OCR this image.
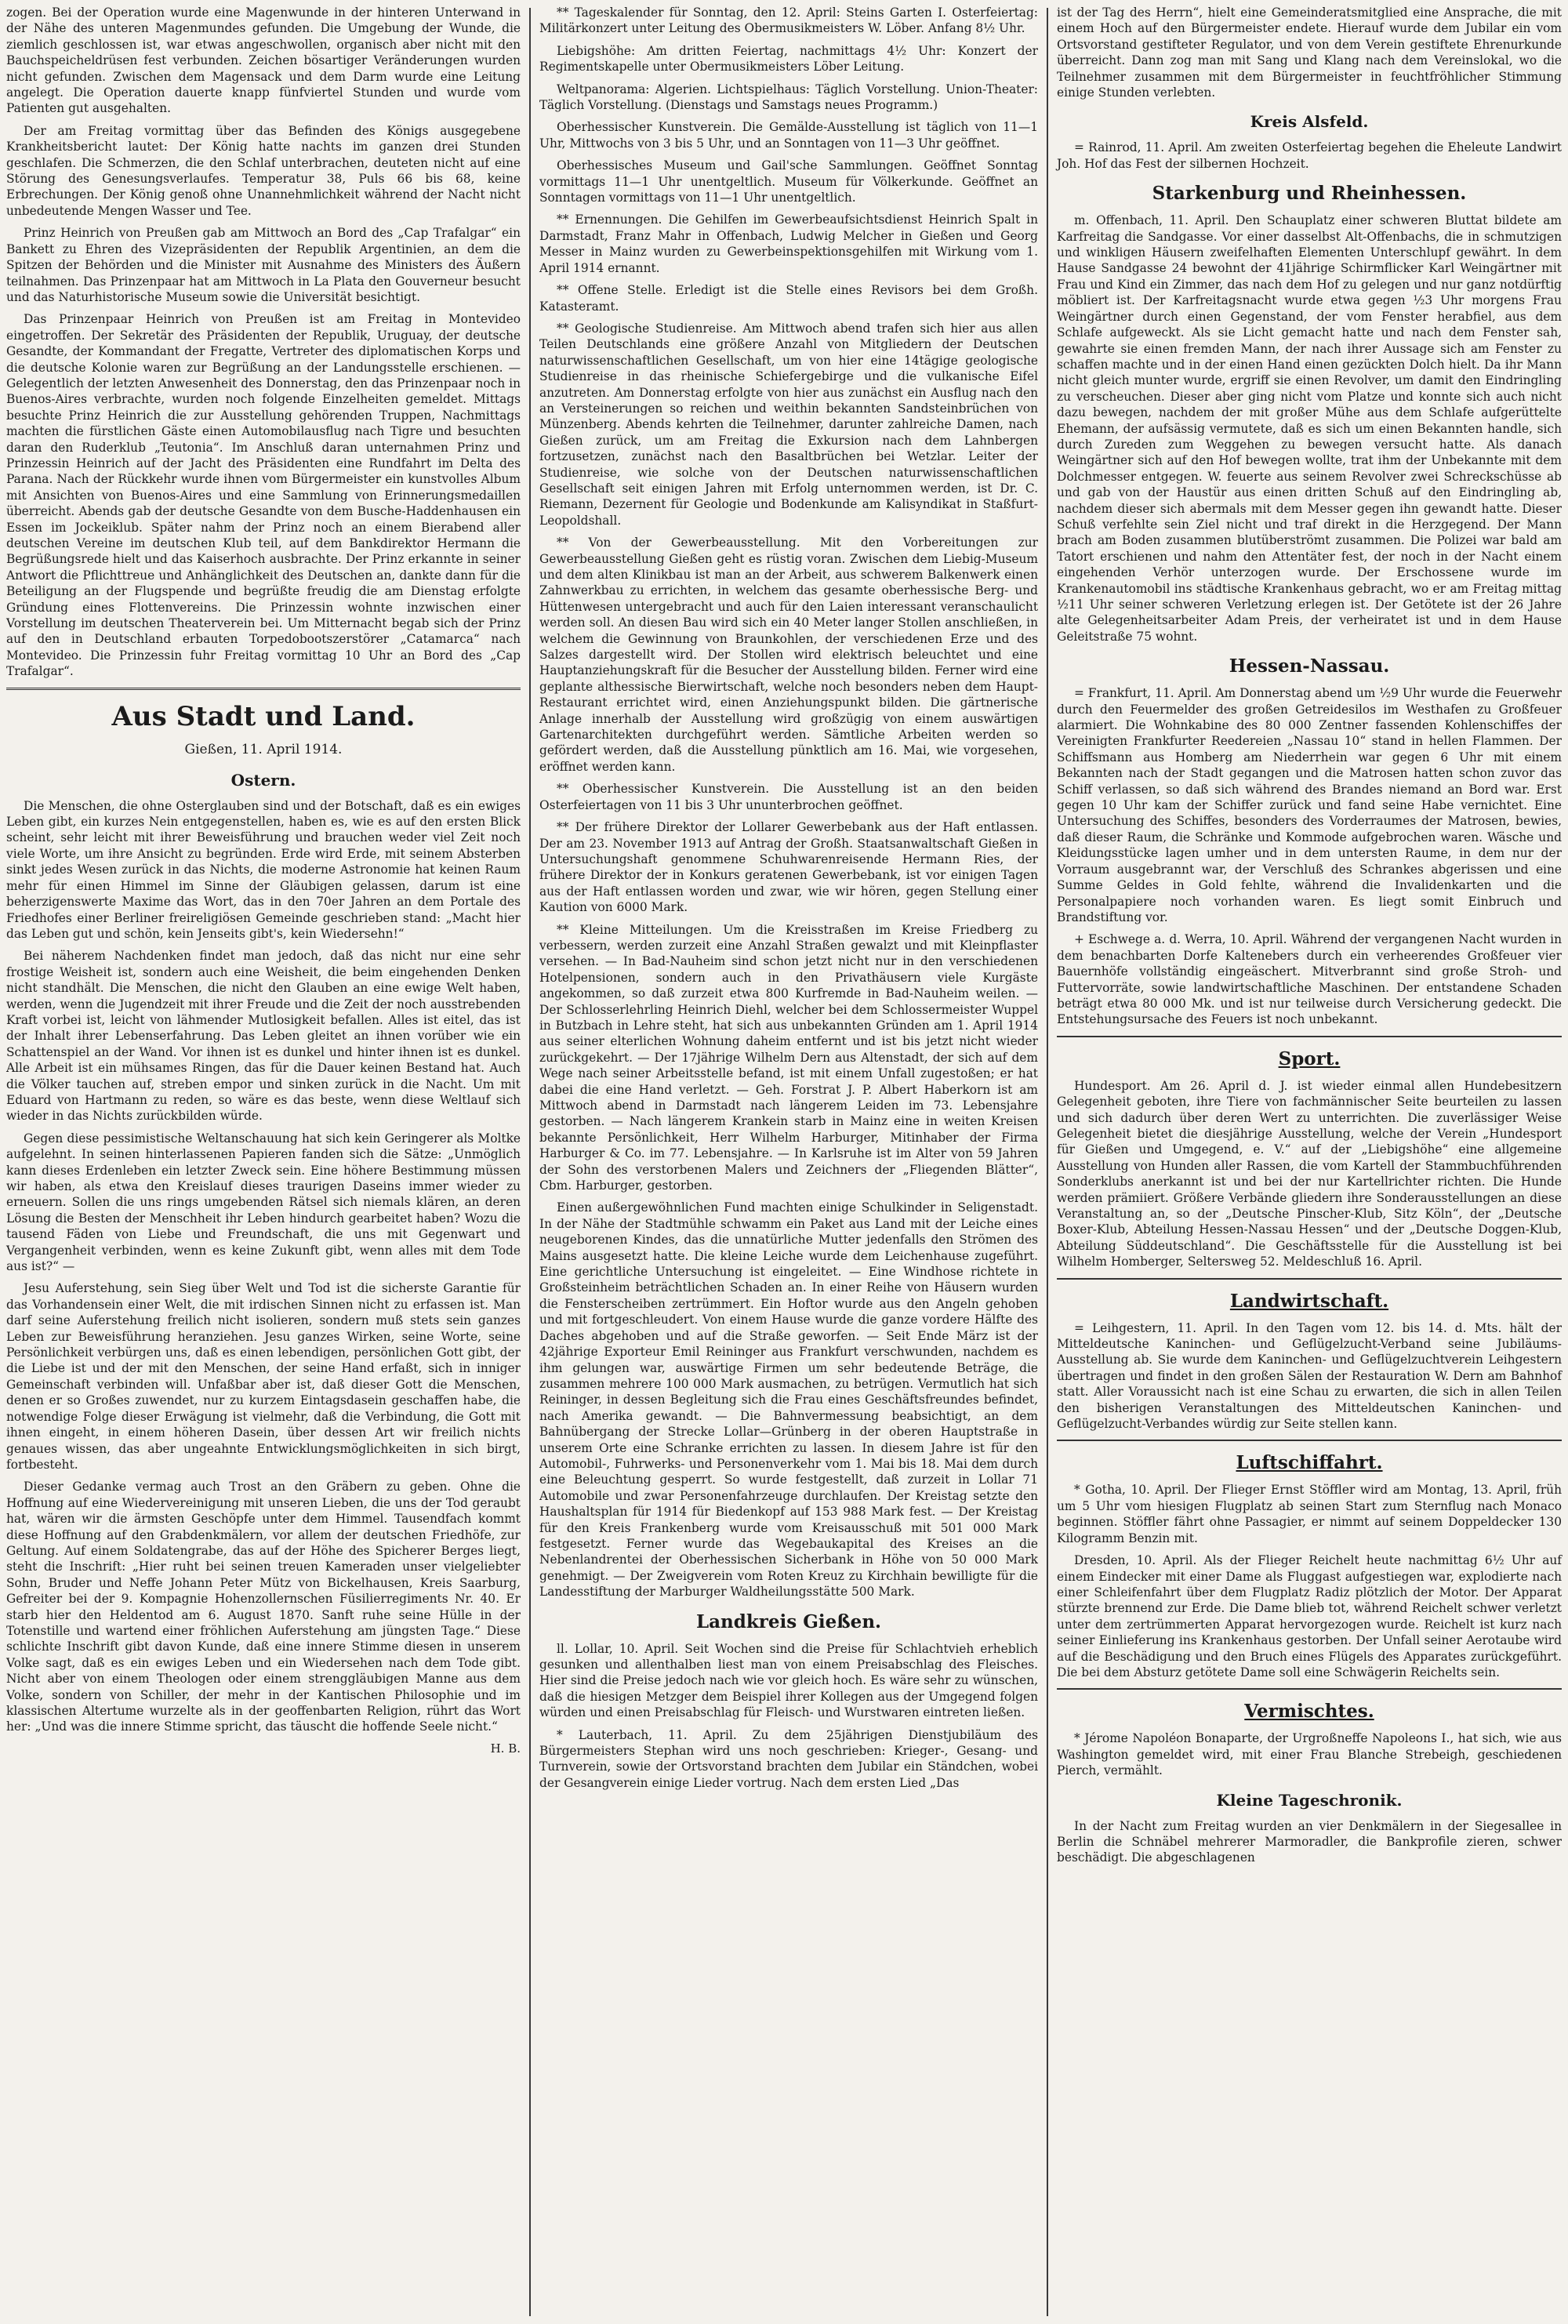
zogen. Bei der Operation wurde eine Magenwunde in der hinteren Unterwand in der Nähe des unteren Magenmundes gefunden. Die Umgebung der Wunde, die ziemlich geschlossen ist, war etwas angeschwollen, organisch aber nicht mit den Bauchspeicheldrüsen fest verbunden. Zeichen bösartiger Veränderungen wurden nicht gefunden. Zwischen dem Magensack und dem Darm wurde eine Leitung angelegt. Die Operation dauerte knapp fünfviertel Stunden und wurde vom Patienten gut ausgehalten.

Der am Freitag vormittag über das Befinden des Königs ausgegebene Krankheitsbericht lautet: Der König hatte nachts im ganzen drei Stunden geschlafen. Die Schmerzen, die den Schlaf unterbrachen, deuteten nicht auf eine Störung des Genesungsverlaufes. Temperatur 38, Puls 66 bis 68, keine Erbrechungen. Der König genoß ohne Unannehmlichkeit während der Nacht nicht unbedeutende Mengen Wasser und Tee.

Prinz Heinrich von Preußen gab am Mittwoch an Bord des „Cap Trafalgar“ ein Bankett zu Ehren des Vizepräsidenten der Republik Argentinien, an dem die Spitzen der Behörden und die Minister mit Ausnahme des Ministers des Äußern teilnahmen. Das Prinzenpaar hat am Mittwoch in La Plata den Gouverneur besucht und das Naturhistorische Museum sowie die Universität besichtigt.

Das Prinzenpaar Heinrich von Preußen ist am Freitag in Montevideo eingetroffen. Der Sekretär des Präsidenten der Republik, Uruguay, der deutsche Gesandte, der Kommandant der Fregatte, Vertreter des diplomatischen Korps und die deutsche Kolonie waren zur Begrüßung an der Landungsstelle erschienen. — Gelegentlich der letzten Anwesenheit des Donnerstag, den das Prinzenpaar noch in Buenos-Aires verbrachte, wurden noch folgende Einzelheiten gemeldet. Mittags besuchte Prinz Heinrich die zur Ausstellung gehörenden Truppen, Nachmittags machten die fürstlichen Gäste einen Automobilausflug nach Tigre und besuchten daran den Ruderklub „Teutonia“. Im Anschluß daran unternahmen Prinz und Prinzessin Heinrich auf der Jacht des Präsidenten eine Rundfahrt im Delta des Parana. Nach der Rückkehr wurde ihnen vom Bürgermeister ein kunstvolles Album mit Ansichten von Buenos-Aires und eine Sammlung von Erinnerungsmedaillen überreicht. Abends gab der deutsche Gesandte von dem Busche-Haddenhausen ein Essen im Jockeiklub. Später nahm der Prinz noch an einem Bierabend aller deutschen Vereine im deutschen Klub teil, auf dem Bankdirektor Hermann die Begrüßungsrede hielt und das Kaiserhoch ausbrachte. Der Prinz erkannte in seiner Antwort die Pflichttreue und Anhänglichkeit des Deutschen an, dankte dann für die Beteiligung an der Flugspende und begrüßte freudig die am Dienstag erfolgte Gründung eines Flottenvereins. Die Prinzessin wohnte inzwischen einer Vorstellung im deutschen Theaterverein bei. Um Mitternacht begab sich der Prinz auf den in Deutschland erbauten Torpedobootszerstörer „Catamarca“ nach Montevideo. Die Prinzessin fuhr Freitag vormittag 10 Uhr an Bord des „Cap Trafalgar“.

Aus Stadt und Land.
Gießen, 11. April 1914.
Ostern.

Die Menschen, die ohne Osterglauben sind und der Botschaft, daß es ein ewiges Leben gibt, ein kurzes Nein entgegenstellen, haben es, wie es auf den ersten Blick scheint, sehr leicht mit ihrer Beweisführung und brauchen weder viel Zeit noch viele Worte, um ihre Ansicht zu begründen. Erde wird Erde, mit seinem Absterben sinkt jedes Wesen zurück in das Nichts, die moderne Astronomie hat keinen Raum mehr für einen Himmel im Sinne der Gläubigen gelassen, darum ist eine beherzigenswerte Maxime das Wort, das in den 70er Jahren an dem Portale des Friedhofes einer Berliner freireligiösen Gemeinde geschrieben stand: „Macht hier das Leben gut und schön, kein Jenseits gibt's, kein Wiedersehn!“

Bei näherem Nachdenken findet man jedoch, daß das nicht nur eine sehr frostige Weisheit ist, sondern auch eine Weisheit, die beim eingehenden Denken nicht standhält. Die Menschen, die nicht den Glauben an eine ewige Welt haben, werden, wenn die Jugendzeit mit ihrer Freude und die Zeit der noch ausstrebenden Kraft vorbei ist, leicht von lähmender Mutlosigkeit befallen. Alles ist eitel, das ist der Inhalt ihrer Lebenserfahrung. Das Leben gleitet an ihnen vorüber wie ein Schattenspiel an der Wand. Vor ihnen ist es dunkel und hinter ihnen ist es dunkel. Alle Arbeit ist ein mühsames Ringen, das für die Dauer keinen Bestand hat. Auch die Völker tauchen auf, streben empor und sinken zurück in die Nacht. Um mit Eduard von Hartmann zu reden, so wäre es das beste, wenn diese Weltlauf sich wieder in das Nichts zurückbilden würde.

Gegen diese pessimistische Weltanschauung hat sich kein Geringerer als Moltke aufgelehnt. In seinen hinterlassenen Papieren fanden sich die Sätze: „Unmöglich kann dieses Erdenleben ein letzter Zweck sein. Eine höhere Bestimmung müssen wir haben, als etwa den Kreislauf dieses traurigen Daseins immer wieder zu erneuern. Sollen die uns rings umgebenden Rätsel sich niemals klären, an deren Lösung die Besten der Menschheit ihr Leben hindurch gearbeitet haben? Wozu die tausend Fäden von Liebe und Freundschaft, die uns mit Gegenwart und Vergangenheit verbinden, wenn es keine Zukunft gibt, wenn alles mit dem Tode aus ist?“ —

Jesu Auferstehung, sein Sieg über Welt und Tod ist die sicherste Garantie für das Vorhandensein einer Welt, die mit irdischen Sinnen nicht zu erfassen ist. Man darf seine Auferstehung freilich nicht isolieren, sondern muß stets sein ganzes Leben zur Beweisführung heranziehen. Jesu ganzes Wirken, seine Worte, seine Persönlichkeit verbürgen uns, daß es einen lebendigen, persönlichen Gott gibt, der die Liebe ist und der mit den Menschen, der seine Hand erfaßt, sich in inniger Gemeinschaft verbinden will. Unfaßbar aber ist, daß dieser Gott die Menschen, denen er so Großes zuwendet, nur zu kurzem Eintagsdasein geschaffen habe, die notwendige Folge dieser Erwägung ist vielmehr, daß die Verbindung, die Gott mit ihnen eingeht, in einem höheren Dasein, über dessen Art wir freilich nichts genaues wissen, das aber ungeahnte Entwicklungsmöglichkeiten in sich birgt, fortbesteht.

Dieser Gedanke vermag auch Trost an den Gräbern zu geben. Ohne die Hoffnung auf eine Wiedervereinigung mit unseren Lieben, die uns der Tod geraubt hat, wären wir die ärmsten Geschöpfe unter dem Himmel. Tausendfach kommt diese Hoffnung auf den Grabdenkmälern, vor allem der deutschen Friedhöfe, zur Geltung. Auf einem Soldatengrabe, das auf der Höhe des Spicherer Berges liegt, steht die Inschrift: „Hier ruht bei seinen treuen Kameraden unser vielgeliebter Sohn, Bruder und Neffe Johann Peter Mütz von Bickelhausen, Kreis Saarburg, Gefreiter bei der 9. Kompagnie Hohenzollernschen Füsilierregiments Nr. 40. Er starb hier den Heldentod am 6. August 1870. Sanft ruhe seine Hülle in der Totenstille und wartend einer fröhlichen Auferstehung am jüngsten Tage.“ Diese schlichte Inschrift gibt davon Kunde, daß eine innere Stimme diesen in unserem Volke sagt, daß es ein ewiges Leben und ein Wiedersehen nach dem Tode gibt. Nicht aber von einem Theologen oder einem strenggläubigen Manne aus dem Volke, sondern von Schiller, der mehr in der Kantischen Philosophie und im klassischen Altertume wurzelte als in der geoffenbarten Religion, rührt das Wort her: „Und was die innere Stimme spricht, das täuscht die hoffende Seele nicht.“

H. B.

** Tageskalender für Sonntag, den 12. April: Steins Garten I. Osterfeiertag: Militärkonzert unter Leitung des Obermusikmeisters W. Löber. Anfang 8½ Uhr.

Liebigshöhe: Am dritten Feiertag, nachmittags 4½ Uhr: Konzert der Regimentskapelle unter Obermusikmeisters Löber Leitung.

Weltpanorama: Algerien. Lichtspielhaus: Täglich Vorstellung. Union-Theater: Täglich Vorstellung. (Dienstags und Samstags neues Programm.)

Oberhessischer Kunstverein. Die Gemälde-Ausstellung ist täglich von 11—1 Uhr, Mittwochs von 3 bis 5 Uhr, und an Sonntagen von 11—3 Uhr geöffnet.

Oberhessisches Museum und Gail'sche Sammlungen. Geöffnet Sonntag vormittags 11—1 Uhr unentgeltlich. Museum für Völkerkunde. Geöffnet an Sonntagen vormittags von 11—1 Uhr unentgeltlich.

** Ernennungen. Die Gehilfen im Gewerbeaufsichtsdienst Heinrich Spalt in Darmstadt, Franz Mahr in Offenbach, Ludwig Melcher in Gießen und Georg Messer in Mainz wurden zu Gewerbeinspektionsgehilfen mit Wirkung vom 1. April 1914 ernannt.

** Offene Stelle. Erledigt ist die Stelle eines Revisors bei dem Großh. Katasteramt.

** Geologische Studienreise. Am Mittwoch abend trafen sich hier aus allen Teilen Deutschlands eine größere Anzahl von Mitgliedern der Deutschen naturwissenschaftlichen Gesellschaft, um von hier eine 14tägige geologische Studienreise in das rheinische Schiefergebirge und die vulkanische Eifel anzutreten. Am Donnerstag erfolgte von hier aus zunächst ein Ausflug nach den an Versteinerungen so reichen und weithin bekannten Sandsteinbrüchen von Münzenberg. Abends kehrten die Teilnehmer, darunter zahlreiche Damen, nach Gießen zurück, um am Freitag die Exkursion nach dem Lahnbergen fortzusetzen, zunächst nach den Basaltbrüchen bei Wetzlar. Leiter der Studienreise, wie solche von der Deutschen naturwissenschaftlichen Gesellschaft seit einigen Jahren mit Erfolg unternommen werden, ist Dr. C. Riemann, Dezernent für Geologie und Bodenkunde am Kalisyndikat in Staßfurt-Leopoldshall.

** Von der Gewerbeausstellung. Mit den Vorbereitungen zur Gewerbeausstellung Gießen geht es rüstig voran. Zwischen dem Liebig-Museum und dem alten Klinikbau ist man an der Arbeit, aus schwerem Balkenwerk einen Zahnwerkbau zu errichten, in welchem das gesamte oberhessische Berg- und Hüttenwesen untergebracht und auch für den Laien interessant veranschaulicht werden soll. An diesen Bau wird sich ein 40 Meter langer Stollen anschließen, in welchem die Gewinnung von Braunkohlen, der verschiedenen Erze und des Salzes dargestellt wird. Der Stollen wird elektrisch beleuchtet und eine Hauptanziehungskraft für die Besucher der Ausstellung bilden. Ferner wird eine geplante althessische Bierwirtschaft, welche noch besonders neben dem Haupt-Restaurant errichtet wird, einen Anziehungspunkt bilden. Die gärtnerische Anlage innerhalb der Ausstellung wird großzügig von einem auswärtigen Gartenarchitekten durchgeführt werden. Sämtliche Arbeiten werden so gefördert werden, daß die Ausstellung pünktlich am 16. Mai, wie vorgesehen, eröffnet werden kann.

** Oberhessischer Kunstverein. Die Ausstellung ist an den beiden Osterfeiertagen von 11 bis 3 Uhr ununterbrochen geöffnet.

** Der frühere Direktor der Lollarer Gewerbebank aus der Haft entlassen. Der am 23. November 1913 auf Antrag der Großh. Staatsanwaltschaft Gießen in Untersuchungshaft genommene Schuhwarenreisende Hermann Ries, der frühere Direktor der in Konkurs geratenen Gewerbebank, ist vor einigen Tagen aus der Haft entlassen worden und zwar, wie wir hören, gegen Stellung einer Kaution von 6000 Mark.

** Kleine Mitteilungen. Um die Kreisstraßen im Kreise Friedberg zu verbessern, werden zurzeit eine Anzahl Straßen gewalzt und mit Kleinpflaster versehen. — In Bad-Nauheim sind schon jetzt nicht nur in den verschiedenen Hotelpensionen, sondern auch in den Privathäusern viele Kurgäste angekommen, so daß zurzeit etwa 800 Kurfremde in Bad-Nauheim weilen. — Der Schlosserlehrling Heinrich Diehl, welcher bei dem Schlossermeister Wuppel in Butzbach in Lehre steht, hat sich aus unbekannten Gründen am 1. April 1914 aus seiner elterlichen Wohnung daheim entfernt und ist bis jetzt nicht wieder zurückgekehrt. — Der 17jährige Wilhelm Dern aus Altenstadt, der sich auf dem Wege nach seiner Arbeitsstelle befand, ist mit einem Unfall zugestoßen; er hat dabei die eine Hand verletzt. — Geh. Forstrat J. P. Albert Haberkorn ist am Mittwoch abend in Darmstadt nach längerem Leiden im 73. Lebensjahre gestorben. — Nach längerem Krankein starb in Mainz eine in weiten Kreisen bekannte Persönlichkeit, Herr Wilhelm Harburger, Mitinhaber der Firma Harburger & Co. im 77. Lebensjahre. — In Karlsruhe ist im Alter von 59 Jahren der Sohn des verstorbenen Malers und Zeichners der „Fliegenden Blätter“, Cbm. Harburger, gestorben.

Einen außergewöhnlichen Fund machten einige Schulkinder in Seligenstadt. In der Nähe der Stadtmühle schwamm ein Paket aus Land mit der Leiche eines neugeborenen Kindes, das die unnatürliche Mutter jedenfalls den Strömen des Mains ausgesetzt hatte. Die kleine Leiche wurde dem Leichenhause zugeführt. Eine gerichtliche Untersuchung ist eingeleitet. — Eine Windhose richtete in Großsteinheim beträchtlichen Schaden an. In einer Reihe von Häusern wurden die Fensterscheiben zertrümmert. Ein Hoftor wurde aus den Angeln gehoben und mit fortgeschleudert. Von einem Hause wurde die ganze vordere Hälfte des Daches abgehoben und auf die Straße geworfen. — Seit Ende März ist der 42jährige Exporteur Emil Reininger aus Frankfurt verschwunden, nachdem es ihm gelungen war, auswärtige Firmen um sehr bedeutende Beträge, die zusammen mehrere 100 000 Mark ausmachen, zu betrügen. Vermutlich hat sich Reininger, in dessen Begleitung sich die Frau eines Geschäftsfreundes befindet, nach Amerika gewandt. — Die Bahnvermessung beabsichtigt, an dem Bahnübergang der Strecke Lollar—Grünberg in der oberen Hauptstraße in unserem Orte eine Schranke errichten zu lassen. In diesem Jahre ist für den Automobil-, Fuhrwerks- und Personenverkehr vom 1. Mai bis 18. Mai dem durch eine Beleuchtung gesperrt. So wurde festgestellt, daß zurzeit in Lollar 71 Automobile und zwar Personenfahrzeuge durchlaufen. Der Kreistag setzte den Haushaltsplan für 1914 für Biedenkopf auf 153 988 Mark fest. — Der Kreistag für den Kreis Frankenberg wurde vom Kreisausschuß mit 501 000 Mark festgesetzt. Ferner wurde das Wegebaukapital des Kreises an die Nebenlandrentei der Oberhessischen Sicherbank in Höhe von 50 000 Mark genehmigt. — Der Zweigverein vom Roten Kreuz zu Kirchhain bewilligte für die Landesstiftung der Marburger Waldheilungsstätte 500 Mark.

Landkreis Gießen.

ll. Lollar, 10. April. Seit Wochen sind die Preise für Schlachtvieh erheblich gesunken und allenthalben liest man von einem Preisabschlag des Fleisches. Hier sind die Preise jedoch nach wie vor gleich hoch. Es wäre sehr zu wünschen, daß die hiesigen Metzger dem Beispiel ihrer Kollegen aus der Umgegend folgen würden und einen Preisabschlag für Fleisch- und Wurstwaren eintreten ließen.

* Lauterbach, 11. April. Zu dem 25jährigen Dienstjubiläum des Bürgermeisters Stephan wird uns noch geschrieben: Krieger-, Gesang- und Turnverein, sowie der Ortsvorstand brachten dem Jubilar ein Ständchen, wobei der Gesangverein einige Lieder vortrug. Nach dem ersten Lied „Das

ist der Tag des Herrn“, hielt eine Gemeinderatsmitglied eine Ansprache, die mit einem Hoch auf den Bürgermeister endete. Hierauf wurde dem Jubilar ein vom Ortsvorstand gestifteter Regulator, und von dem Verein gestiftete Ehrenurkunde überreicht. Dann zog man mit Sang und Klang nach dem Vereinslokal, wo die Teilnehmer zusammen mit dem Bürgermeister in feuchtfröhlicher Stimmung einige Stunden verlebten.

Kreis Alsfeld.

= Rainrod, 11. April. Am zweiten Osterfeiertag begehen die Eheleute Landwirt Joh. Hof das Fest der silbernen Hochzeit.

Starkenburg und Rheinhessen.

m. Offenbach, 11. April. Den Schauplatz einer schweren Bluttat bildete am Karfreitag die Sandgasse. Vor einer dasselbst Alt-Offenbachs, die in schmutzigen und winkligen Häusern zweifelhaften Elementen Unterschlupf gewährt. In dem Hause Sandgasse 24 bewohnt der 41jährige Schirmflicker Karl Weingärtner mit Frau und Kind ein Zimmer, das nach dem Hof zu gelegen und nur ganz notdürftig möbliert ist. Der Karfreitagsnacht wurde etwa gegen ½3 Uhr morgens Frau Weingärtner durch einen Gegenstand, der vom Fenster herabfiel, aus dem Schlafe aufgeweckt. Als sie Licht gemacht hatte und nach dem Fenster sah, gewahrte sie einen fremden Mann, der nach ihrer Aussage sich am Fenster zu schaffen machte und in der einen Hand einen gezückten Dolch hielt. Da ihr Mann nicht gleich munter wurde, ergriff sie einen Revolver, um damit den Eindringling zu verscheuchen. Dieser aber ging nicht vom Platze und konnte sich auch nicht dazu bewegen, nachdem der mit großer Mühe aus dem Schlafe aufgerüttelte Ehemann, der aufsässig vermutete, daß es sich um einen Bekannten handle, sich durch Zureden zum Weggehen zu bewegen versucht hatte. Als danach Weingärtner sich auf den Hof bewegen wollte, trat ihm der Unbekannte mit dem Dolchmesser entgegen. W. feuerte aus seinem Revolver zwei Schreckschüsse ab und gab von der Haustür aus einen dritten Schuß auf den Eindringling ab, nachdem dieser sich abermals mit dem Messer gegen ihn gewandt hatte. Dieser Schuß verfehlte sein Ziel nicht und traf direkt in die Herzgegend. Der Mann brach am Boden zusammen blutüberströmt zusammen. Die Polizei war bald am Tatort erschienen und nahm den Attentäter fest, der noch in der Nacht einem eingehenden Verhör unterzogen wurde. Der Erschossene wurde im Krankenautomobil ins städtische Krankenhaus gebracht, wo er am Freitag mittag ½11 Uhr seiner schweren Verletzung erlegen ist. Der Getötete ist der 26 Jahre alte Gelegenheitsarbeiter Adam Preis, der verheiratet ist und in dem Hause Geleitstraße 75 wohnt.

Hessen-Nassau.

= Frankfurt, 11. April. Am Donnerstag abend um ½9 Uhr wurde die Feuerwehr durch den Feuermelder des großen Getreidesilos im Westhafen zu Großfeuer alarmiert. Die Wohnkabine des 80 000 Zentner fassenden Kohlenschiffes der Vereinigten Frankfurter Reedereien „Nassau 10“ stand in hellen Flammen. Der Schiffsmann aus Homberg am Niederrhein war gegen 6 Uhr mit einem Bekannten nach der Stadt gegangen und die Matrosen hatten schon zuvor das Schiff verlassen, so daß sich während des Brandes niemand an Bord war. Erst gegen 10 Uhr kam der Schiffer zurück und fand seine Habe vernichtet. Eine Untersuchung des Schiffes, besonders des Vorderraumes der Matrosen, bewies, daß dieser Raum, die Schränke und Kommode aufgebrochen waren. Wäsche und Kleidungsstücke lagen umher und in dem untersten Raume, in dem nur der Vorraum ausgebrannt war, der Verschluß des Schrankes abgerissen und eine Summe Geldes in Gold fehlte, während die Invalidenkarten und die Personalpapiere noch vorhanden waren. Es liegt somit Einbruch und Brandstiftung vor.

+ Eschwege a. d. Werra, 10. April. Während der vergangenen Nacht wurden in dem benachbarten Dorfe Kaltenebers durch ein verheerendes Großfeuer vier Bauernhöfe vollständig eingeäschert. Mitverbrannt sind große Stroh- und Futtervorräte, sowie landwirtschaftliche Maschinen. Der entstandene Schaden beträgt etwa 80 000 Mk. und ist nur teilweise durch Versicherung gedeckt. Die Entstehungsursache des Feuers ist noch unbekannt.

Sport.

Hundesport. Am 26. April d. J. ist wieder einmal allen Hundebesitzern Gelegenheit geboten, ihre Tiere von fachmännischer Seite beurteilen zu lassen und sich dadurch über deren Wert zu unterrichten. Die zuverlässiger Weise Gelegenheit bietet die diesjährige Ausstellung, welche der Verein „Hundesport für Gießen und Umgegend, e. V.“ auf der „Liebigshöhe“ eine allgemeine Ausstellung von Hunden aller Rassen, die vom Kartell der Stammbuchführenden Sonderklubs anerkannt ist und bei der nur Kartellrichter richten. Die Hunde werden prämiiert. Größere Verbände gliedern ihre Sonderausstellungen an diese Veranstaltung an, so der „Deutsche Pinscher-Klub, Sitz Köln“, der „Deutsche Boxer-Klub, Abteilung Hessen-Nassau Hessen“ und der „Deutsche Doggen-Klub, Abteilung Süddeutschland“. Die Geschäftsstelle für die Ausstellung ist bei Wilhelm Homberger, Seltersweg 52. Meldeschluß 16. April.

Landwirtschaft.

= Leihgestern, 11. April. In den Tagen vom 12. bis 14. d. Mts. hält der Mitteldeutsche Kaninchen- und Geflügelzucht-Verband seine Jubiläums-Ausstellung ab. Sie wurde dem Kaninchen- und Geflügelzuchtverein Leihgestern übertragen und findet in den großen Sälen der Restauration W. Dern am Bahnhof statt. Aller Voraussicht nach ist eine Schau zu erwarten, die sich in allen Teilen den bisherigen Veranstaltungen des Mitteldeutschen Kaninchen- und Geflügelzucht-Verbandes würdig zur Seite stellen kann.

Luftschiffahrt.

* Gotha, 10. April. Der Flieger Ernst Stöffler wird am Montag, 13. April, früh um 5 Uhr vom hiesigen Flugplatz ab seinen Start zum Sternflug nach Monaco beginnen. Stöffler fährt ohne Passagier, er nimmt auf seinem Doppeldecker 130 Kilogramm Benzin mit.

Dresden, 10. April. Als der Flieger Reichelt heute nachmittag 6½ Uhr auf einem Eindecker mit einer Dame als Fluggast aufgestiegen war, explodierte nach einer Schleifenfahrt über dem Flugplatz Radiz plötzlich der Motor. Der Apparat stürzte brennend zur Erde. Die Dame blieb tot, während Reichelt schwer verletzt unter dem zertrümmerten Apparat hervorgezogen wurde. Reichelt ist kurz nach seiner Einlieferung ins Krankenhaus gestorben. Der Unfall seiner Aerotaube wird auf die Beschädigung und den Bruch eines Flügels des Apparates zurückgeführt. Die bei dem Absturz getötete Dame soll eine Schwägerin Reichelts sein.

Vermischtes.

* Jérome Napoléon Bonaparte, der Urgroßneffe Napoleons I., hat sich, wie aus Washington gemeldet wird, mit einer Frau Blanche Strebeigh, geschiedenen Pierch, vermählt.

Kleine Tageschronik.

In der Nacht zum Freitag wurden an vier Denkmälern in der Siegesallee in Berlin die Schnäbel mehrerer Marmoradler, die Bankprofile zieren, schwer beschädigt. Die abgeschlagenen
